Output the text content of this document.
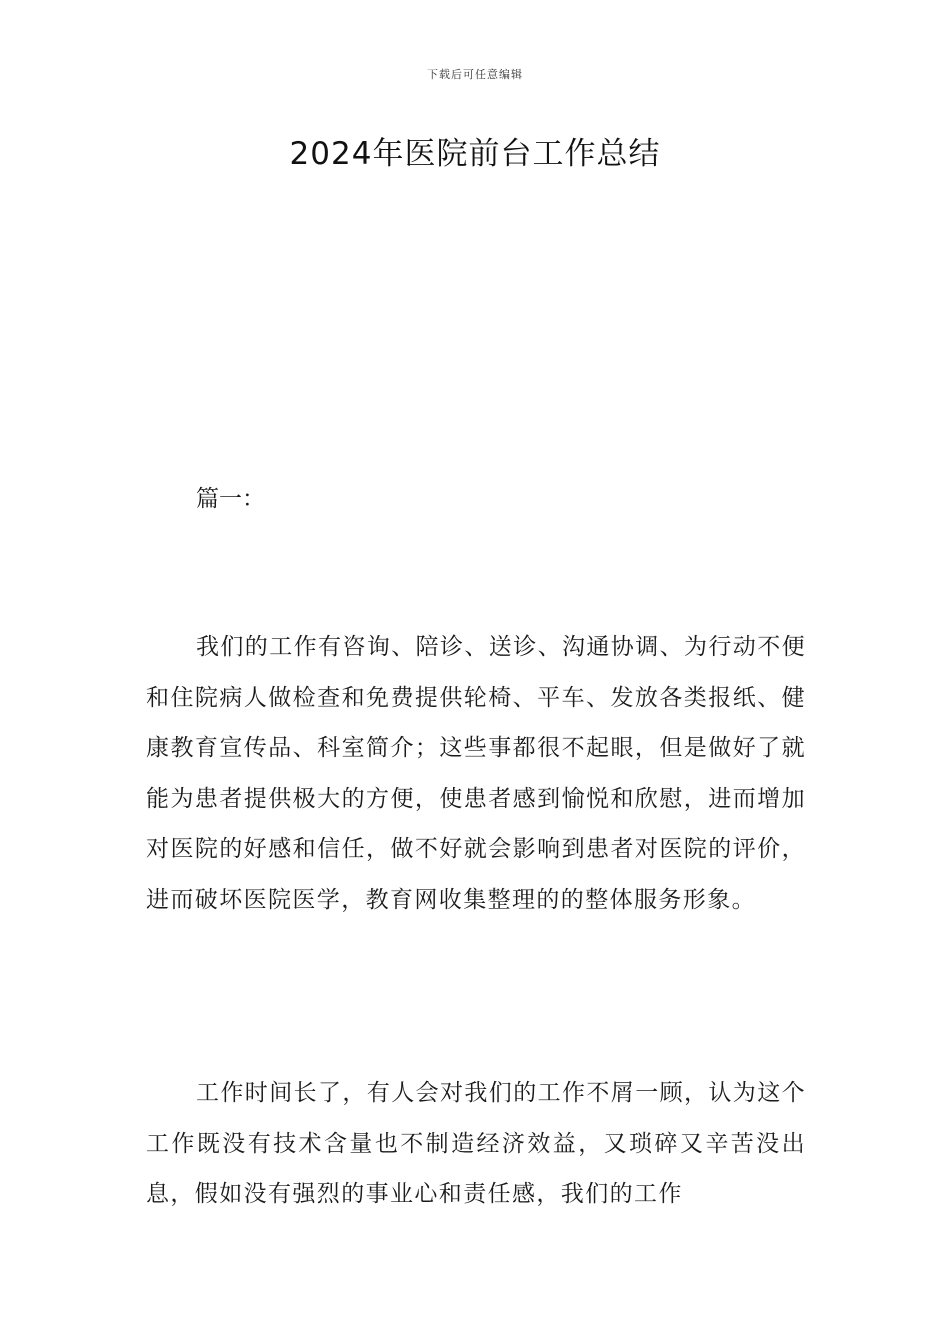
下载后可任意编辑
2024年医院前台工作总结

篇一：

我们的工作有咨询、陪诊、送诊、沟通协调、为行动不便和住院病人做检查和免费提供轮椅、平车、发放各类报纸、健康教育宣传品、科室简介；这些事都很不起眼，但是做好了就能为患者提供极大的方便，使患者感到愉悦和欣慰，进而增加对医院的好感和信任，做不好就会影响到患者对医院的评价，进而破坏医院医学，教育网收集整理的的整体服务形象。

工作时间长了，有人会对我们的工作不屑一顾，认为这个工作既没有技术含量也不制造经济效益，又琐碎又辛苦没出息，假如没有强烈的事业心和责任感，我们的工作
